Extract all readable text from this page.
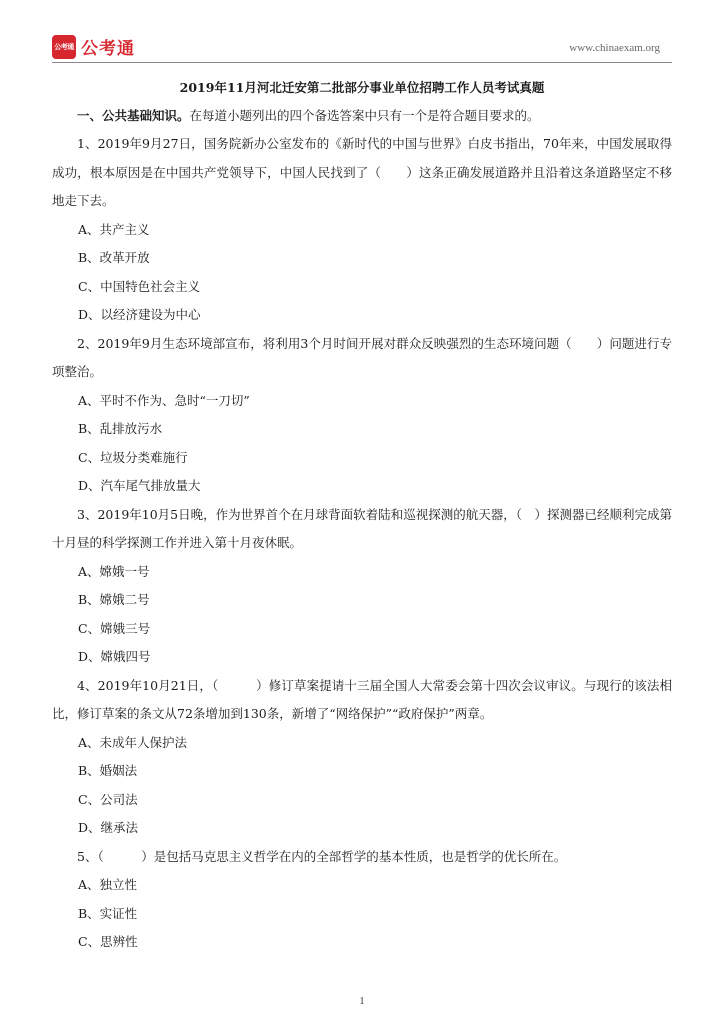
公考通 公考通	www.chinaexam.org

2019年11月河北迁安第二批部分事业单位招聘工作人员考试真题

一、公共基础知识。在每道小题列出的四个备选答案中只有一个是符合题目要求的。

1、2019年9月27日，国务院新办公室发布的《新时代的中国与世界》白皮书指出，70年来，中国发展取得成功，根本原因是在中国共产党领导下，中国人民找到了（　　）这条正确发展道路并且沿着这条道路坚定不移地走下去。

A、共产主义

B、改革开放

C、中国特色社会主义

D、以经济建设为中心

2、2019年9月生态环境部宣布，将利用3个月时间开展对群众反映强烈的生态环境问题（　　）问题进行专项整治。

A、平时不作为、急时“一刀切”

B、乱排放污水

C、垃圾分类难施行

D、汽车尾气排放量大

3、2019年10月5日晚，作为世界首个在月球背面软着陆和巡视探测的航天器，（　）探测器已经顺利完成第十月昼的科学探测工作并进入第十月夜休眠。

A、嫦娥一号

B、嫦娥二号

C、嫦娥三号

D、嫦娥四号

4、2019年10月21日，（　　　）修订草案提请十三届全国人大常委会第十四次会议审议。与现行的该法相比，修订草案的条文从72条增加到130条，新增了“网络保护”“政府保护”两章。

A、未成年人保护法

B、婚姻法

C、公司法

D、继承法

5、（　　　）是包括马克思主义哲学在内的全部哲学的基本性质，也是哲学的优长所在。

A、独立性

B、实证性

C、思辨性

1
